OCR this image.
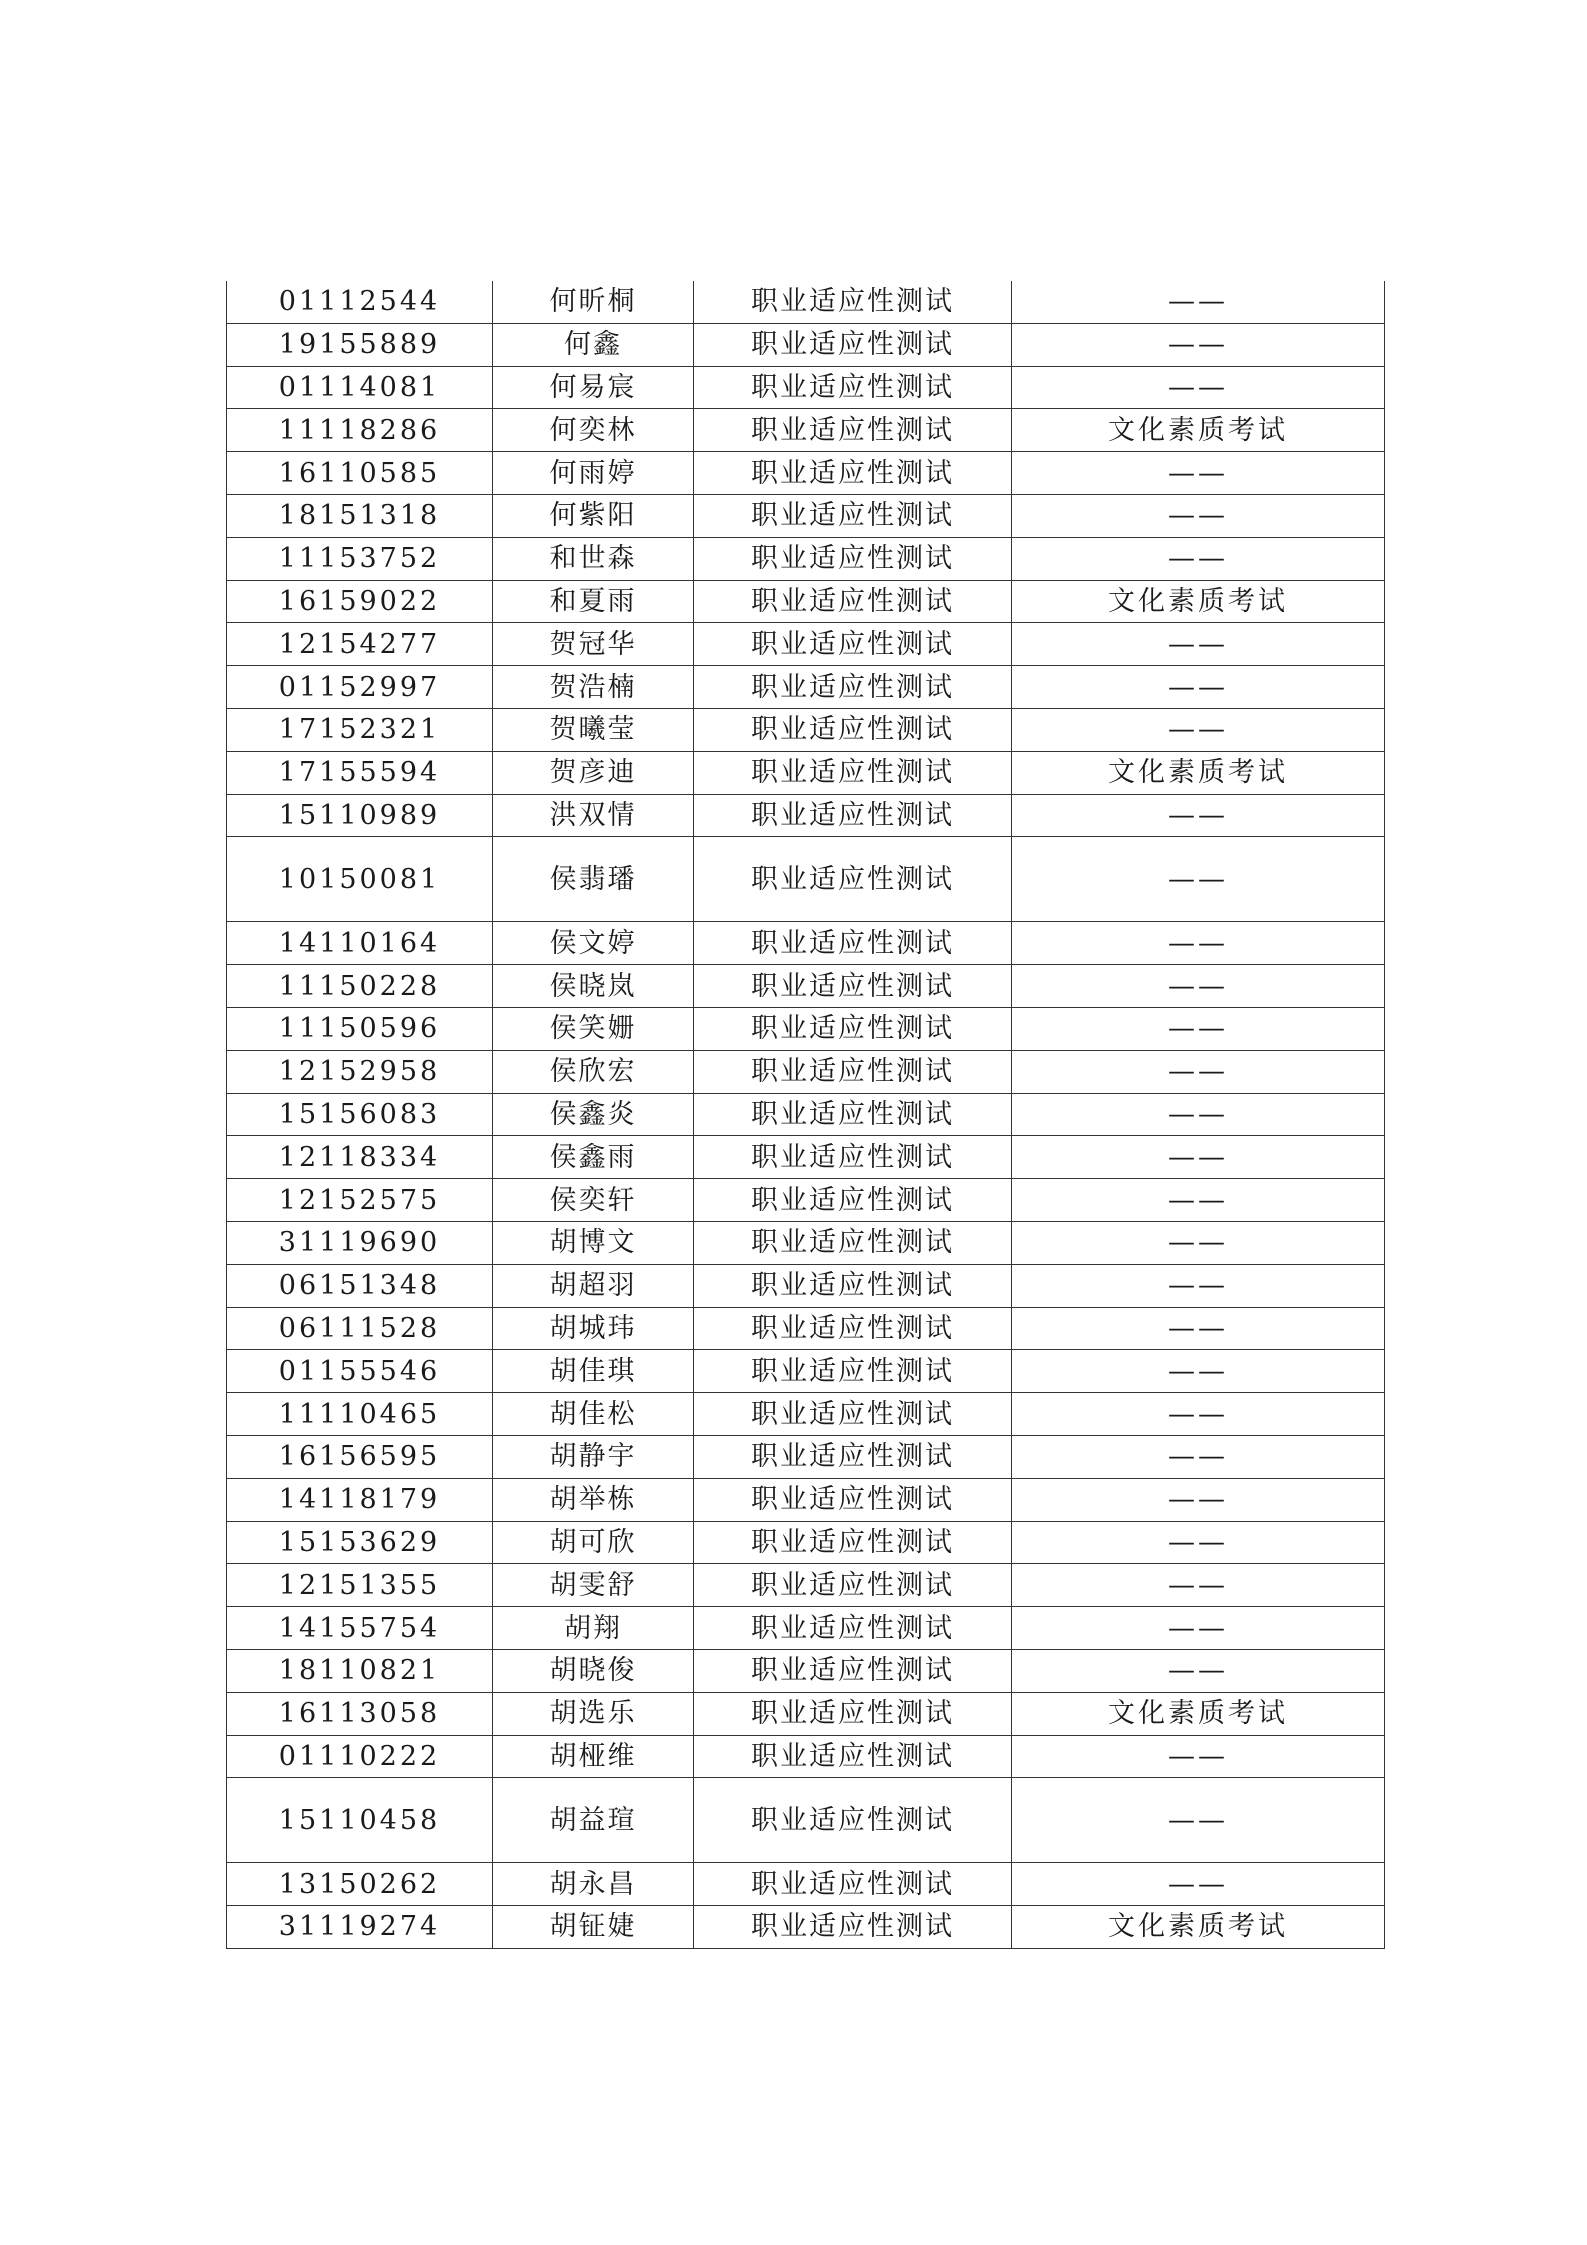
01112544	何昕桐	职业适应性测试	——
19155889	何鑫	职业适应性测试	——
01114081	何易宸	职业适应性测试	——
11118286	何奕林	职业适应性测试	文化素质考试
16110585	何雨婷	职业适应性测试	——
18151318	何紫阳	职业适应性测试	——
11153752	和世森	职业适应性测试	——
16159022	和夏雨	职业适应性测试	文化素质考试
12154277	贺冠华	职业适应性测试	——
01152997	贺浩楠	职业适应性测试	——
17152321	贺曦莹	职业适应性测试	——
17155594	贺彦迪	职业适应性测试	文化素质考试
15110989	洪双情	职业适应性测试	——
10150081	侯翡璠	职业适应性测试	——
14110164	侯文婷	职业适应性测试	——
11150228	侯晓岚	职业适应性测试	——
11150596	侯笑姗	职业适应性测试	——
12152958	侯欣宏	职业适应性测试	——
15156083	侯鑫炎	职业适应性测试	——
12118334	侯鑫雨	职业适应性测试	——
12152575	侯奕轩	职业适应性测试	——
31119690	胡博文	职业适应性测试	——
06151348	胡超羽	职业适应性测试	——
06111528	胡城玮	职业适应性测试	——
01155546	胡佳琪	职业适应性测试	——
11110465	胡佳松	职业适应性测试	——
16156595	胡静宇	职业适应性测试	——
14118179	胡举栋	职业适应性测试	——
15153629	胡可欣	职业适应性测试	——
12151355	胡雯舒	职业适应性测试	——
14155754	胡翔	职业适应性测试	——
18110821	胡晓俊	职业适应性测试	——
16113058	胡选乐	职业适应性测试	文化素质考试
01110222	胡桠维	职业适应性测试	——
15110458	胡益瑄	职业适应性测试	——
13150262	胡永昌	职业适应性测试	——
31119274	胡钲婕	职业适应性测试	文化素质考试
